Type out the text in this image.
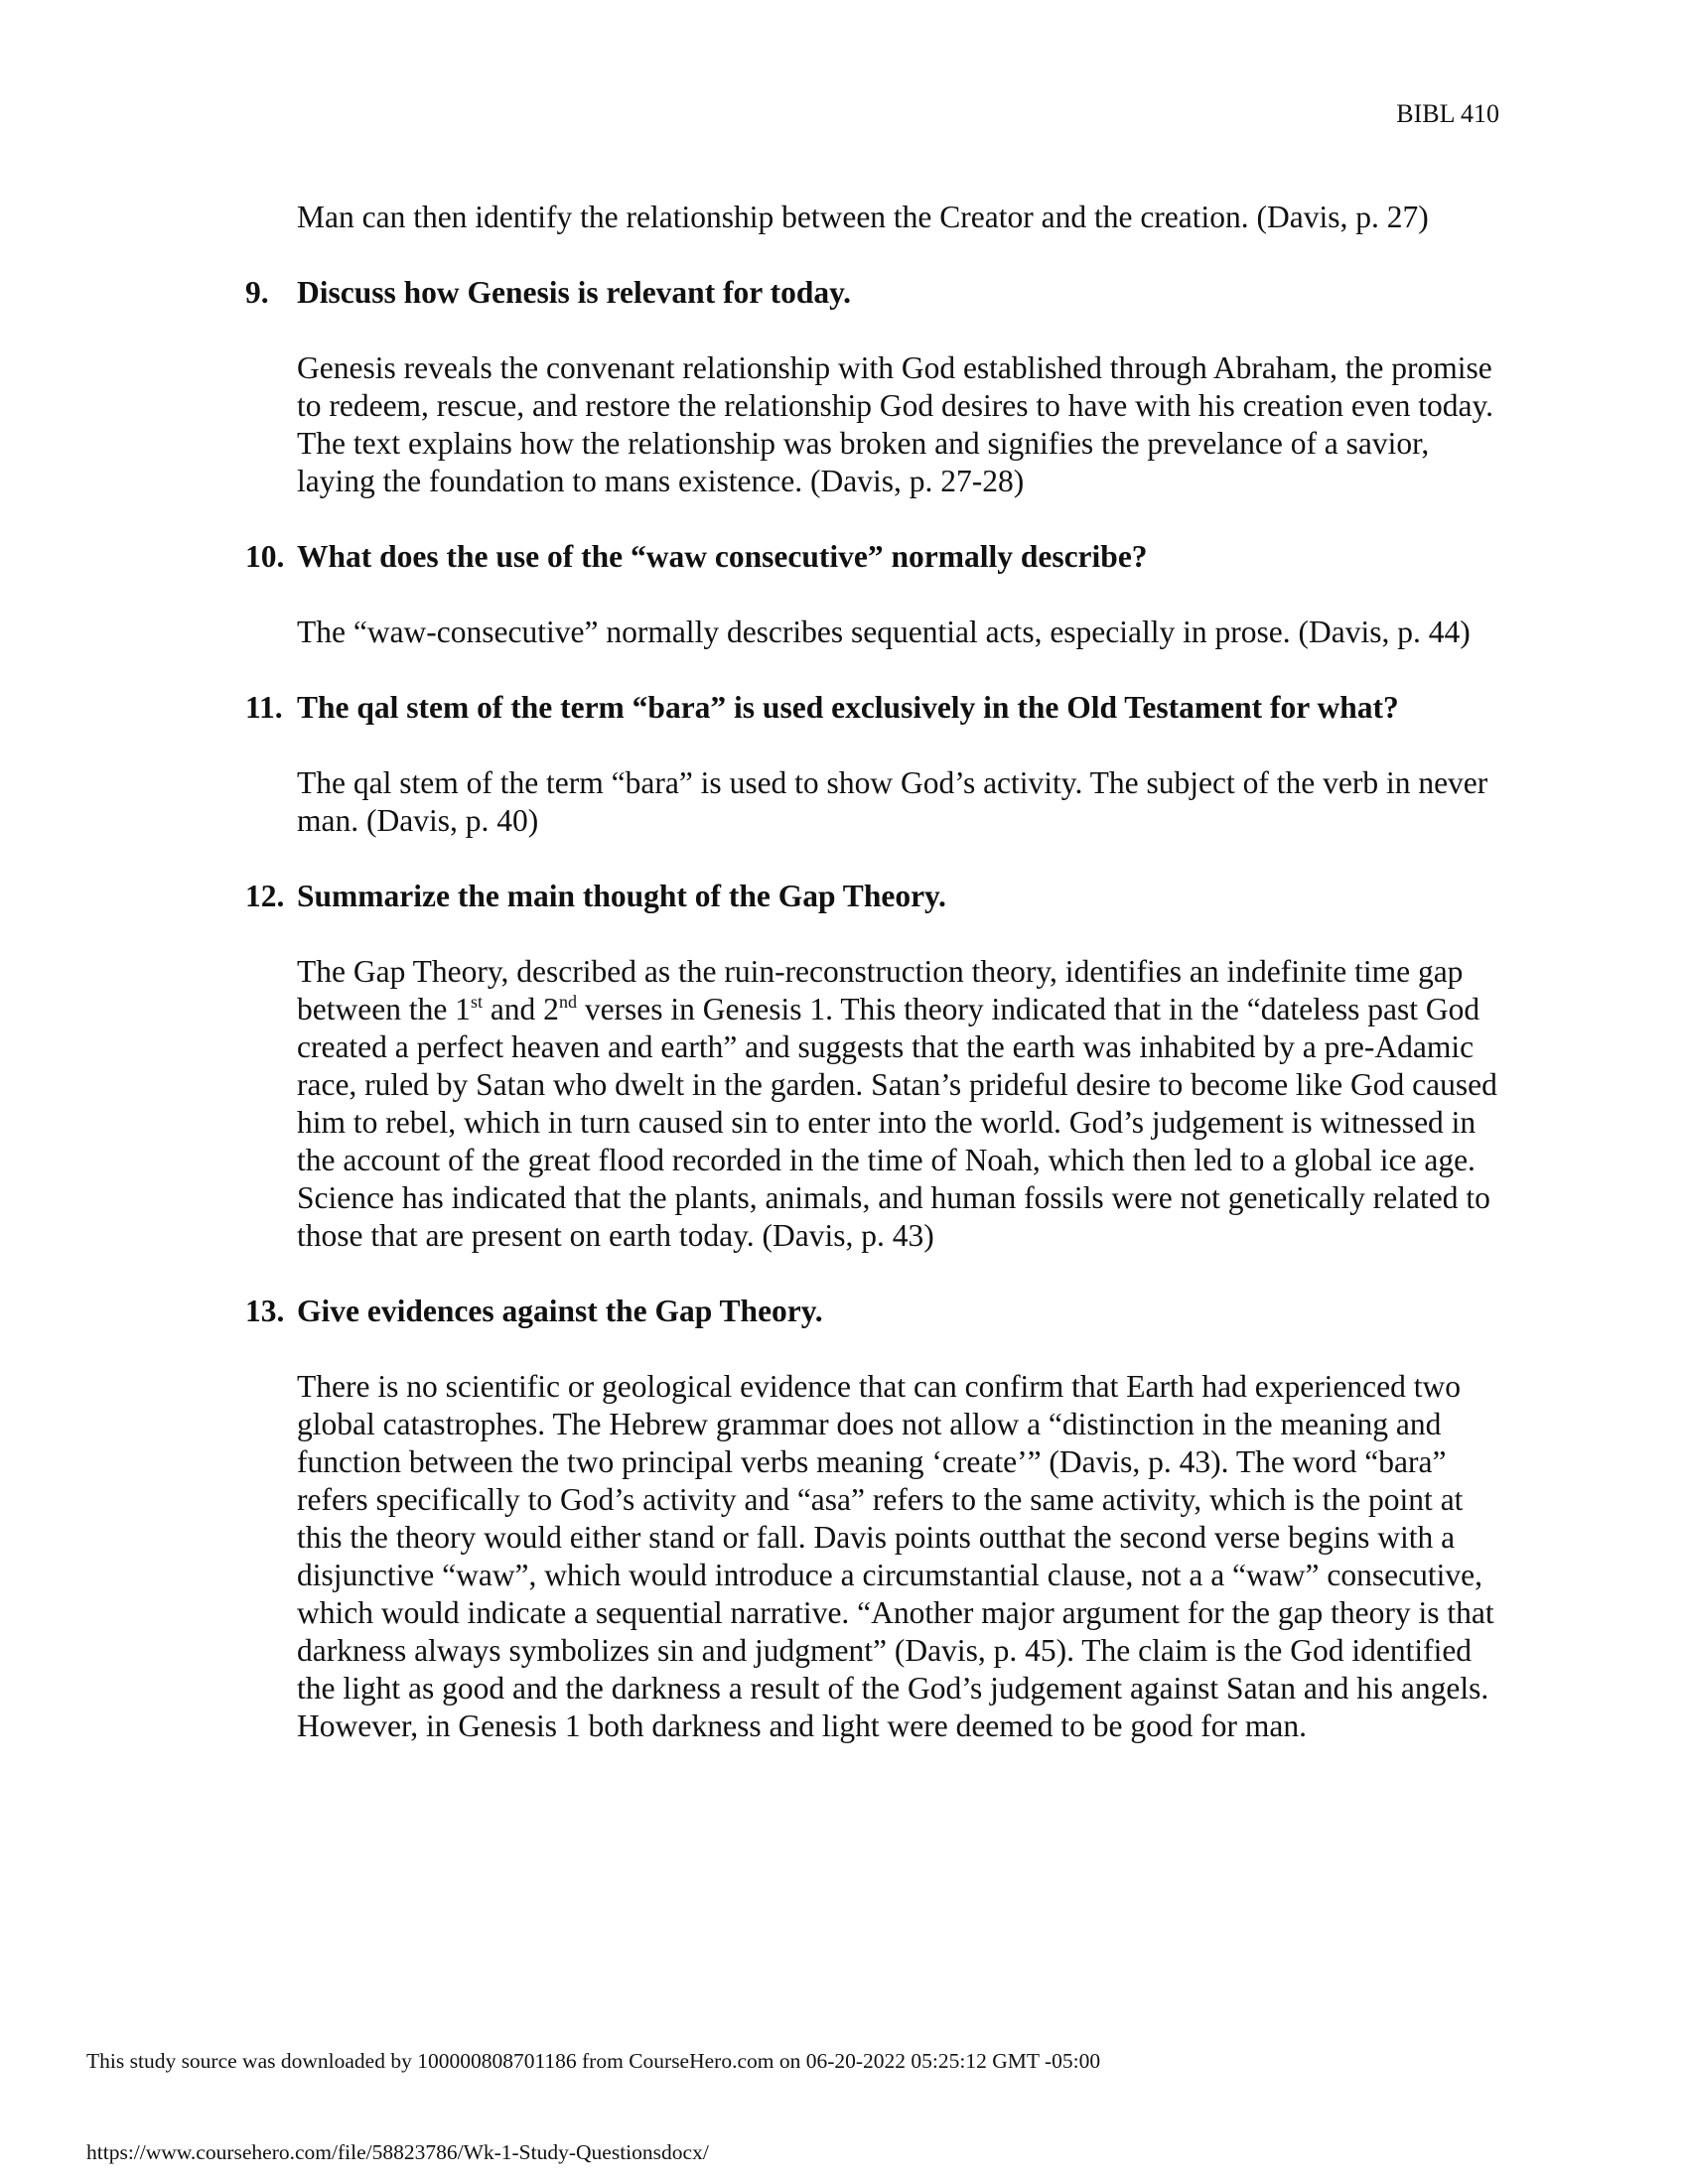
BIBL 410

Man can then identify the relationship between the Creator and the creation. (Davis, p. 27)

9. Discuss how Genesis is relevant for today.

Genesis reveals the convenant relationship with God established through Abraham, the promise to redeem, rescue, and restore the relationship God desires to have with his creation even today. The text explains how the relationship was broken and signifies the prevelance of a savior, laying the foundation to mans existence. (Davis, p. 27-28)

10. What does the use of the “waw consecutive” normally describe?

The “waw-consecutive” normally describes sequential acts, especially in prose. (Davis, p. 44)

11. The qal stem of the term “bara” is used exclusively in the Old Testament for what?

The qal stem of the term “bara” is used to show God’s activity. The subject of the verb in never man. (Davis, p. 40)

12. Summarize the main thought of the Gap Theory.

The Gap Theory, described as the ruin-reconstruction theory, identifies an indefinite time gap between the 1st and 2nd verses in Genesis 1. This theory indicated that in the “dateless past God created a perfect heaven and earth” and suggests that the earth was inhabited by a pre-Adamic race, ruled by Satan who dwelt in the garden. Satan’s prideful desire to become like God caused him to rebel, which in turn caused sin to enter into the world. God’s judgement is witnessed in the account of the great flood recorded in the time of Noah, which then led to a global ice age. Science has indicated that the plants, animals, and human fossils were not genetically related to those that are present on earth today. (Davis, p. 43)

13. Give evidences against the Gap Theory.

There is no scientific or geological evidence that can confirm that Earth had experienced two global catastrophes. The Hebrew grammar does not allow a “distinction in the meaning and function between the two principal verbs meaning ‘create’” (Davis, p. 43). The word “bara” refers specifically to God’s activity and “asa” refers to the same activity, which is the point at this the theory would either stand or fall. Davis points outthat the second verse begins with a disjunctive “waw”, which would introduce a circumstantial clause, not a a “waw” consecutive, which would indicate a sequential narrative. “Another major argument for the gap theory is that darkness always symbolizes sin and judgment” (Davis, p. 45). The claim is the God identified the light as good and the darkness a result of the God’s judgement against Satan and his angels. However, in Genesis 1 both darkness and light were deemed to be good for man.

This study source was downloaded by 100000808701186 from CourseHero.com on 06-20-2022 05:25:12 GMT -05:00
https://www.coursehero.com/file/58823786/Wk-1-Study-Questionsdocx/
